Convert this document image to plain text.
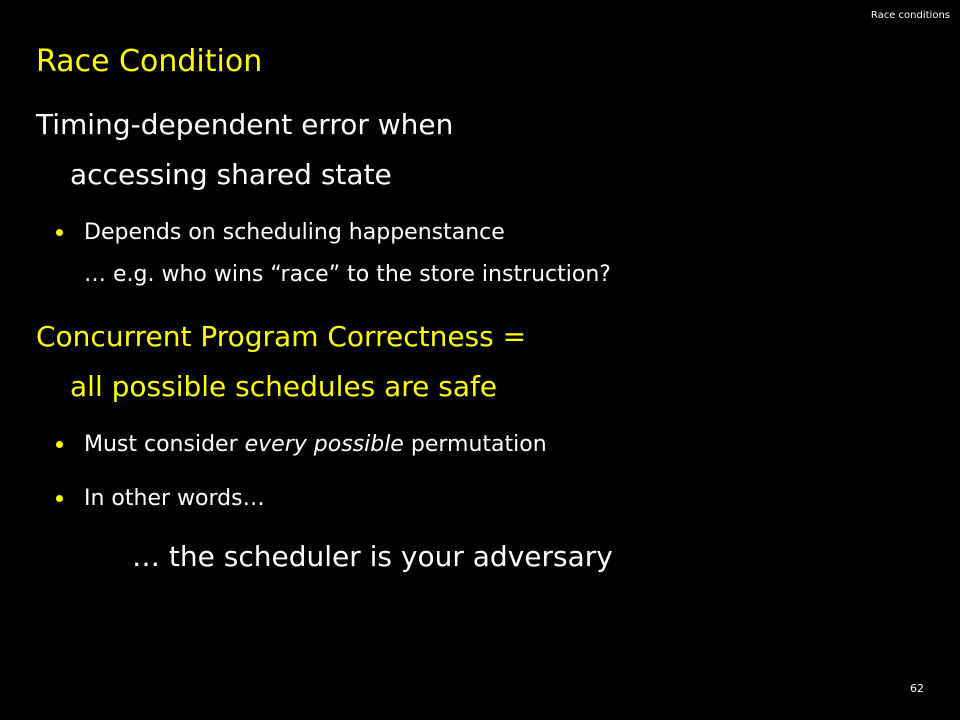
Race conditions
Race Condition
Timing-dependent error when
accessing shared state
Depends on scheduling happenstance
… e.g. who wins “race” to the store instruction?
Concurrent Program Correctness =
all possible schedules are safe
Must consider every possible permutation
In other words…
… the scheduler is your adversary
62
